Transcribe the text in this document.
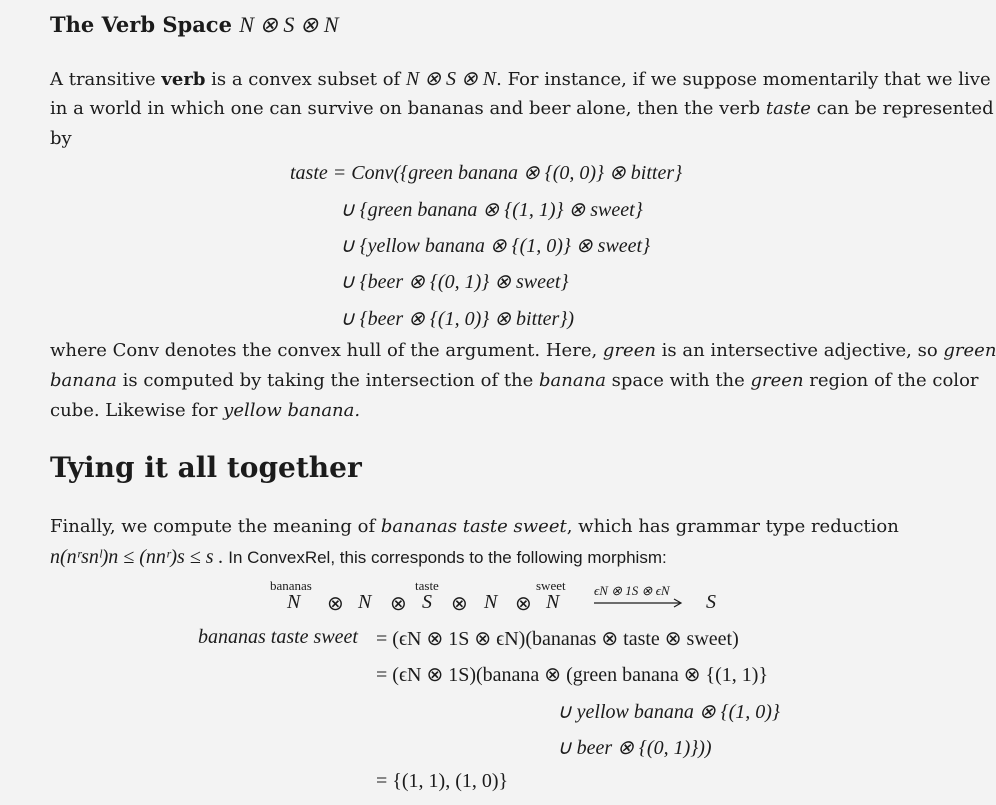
The Verb Space N ⊗ S ⊗ N
A transitive verb is a convex subset of N ⊗ S ⊗ N. For instance, if we suppose momentarily that we live
in a world in which one can survive on bananas and beer alone, then the verb taste can be represented
by
taste = Conv({green banana ⊗ {(0, 0)} ⊗ bitter}
∪ {green banana ⊗ {(1, 1)} ⊗ sweet}
∪ {yellow banana ⊗ {(1, 0)} ⊗ sweet}
∪ {beer ⊗ {(0, 1)} ⊗ sweet}
∪ {beer ⊗ {(1, 0)} ⊗ bitter})
where Conv denotes the convex hull of the argument. Here, green is an intersective adjective, so green
banana is computed by taking the intersection of the banana space with the green region of the color
cube. Likewise for yellow banana.
Tying it all together
Finally, we compute the meaning of bananas taste sweet, which has grammar type reduction
n(nʳsnˡ)n ≤ (nnʳ)s ≤ s . In ConvexRel, this corresponds to the following morphism:
bananas	taste	sweet
N ⊗ N ⊗ S ⊗ N ⊗ N
ϵN ⊗ 1S ⊗ ϵN
S
bananas taste sweet = (ϵN ⊗ 1S ⊗ ϵN)(bananas ⊗ taste ⊗ sweet)
= (ϵN ⊗ 1S)(banana ⊗ (green banana ⊗ {(1, 1)}
∪ yellow banana ⊗ {(1, 0)}
∪ beer ⊗ {(0, 1)}))
= {(1, 1), (1, 0)}
